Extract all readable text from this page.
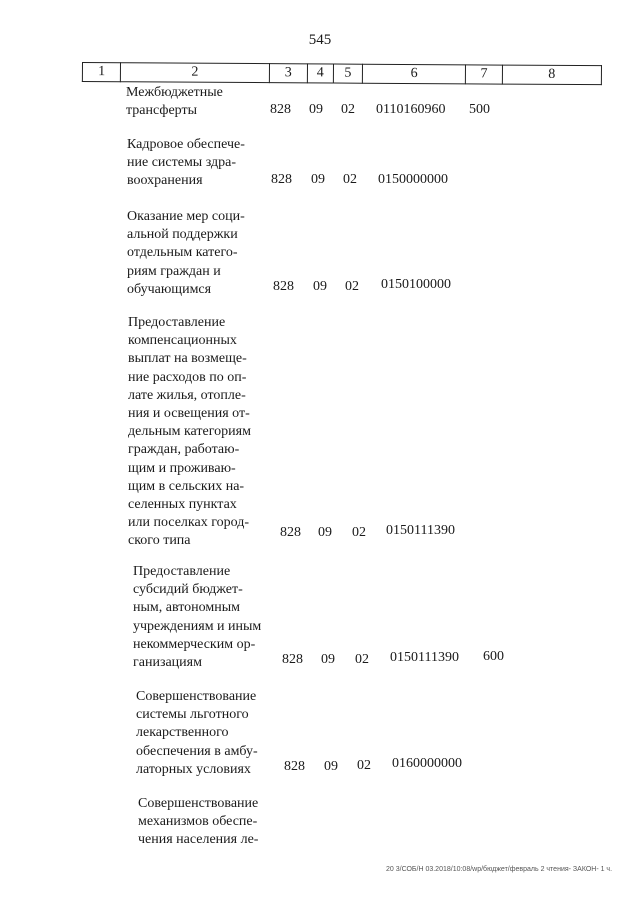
545
1	2	3	4	5	6	7	8
Межбюджетные
трансферты	828 09 02 0110160960 500
Кадровое обеспече-
ние системы здра-
воохранения	828 09 02 0150000000
Оказание мер соци-
альной поддержки
отдельным катего-
риям граждан и
обучающимся	828 09 02 0150100000
Предоставление
компенсационных
выплат на возмеще-
ние расходов по оп-
лате жилья, отопле-
ния и освещения от-
дельным категориям
граждан, работаю-
щим и проживаю-
щим в сельских на-
селенных пунктах
или поселках город-
ского типа
828 09 02 0150111390
Предоставление
субсидий бюджет-
ным, автономным
учреждениям и иным
некоммерческим ор-
ганизациям	828 09 02 0150111390 600
Совершенствование
системы льготного
лекарственного
обеспечения в амбу-
латорных условиях	828 09 02 0160000000
Совершенствование
механизмов обеспе-
чения населения ле-
20 3/СОБ/Н 03.2018/10:08/wp/бюджет/февраль 2 чтения- ЗАКОН- 1 ч.
